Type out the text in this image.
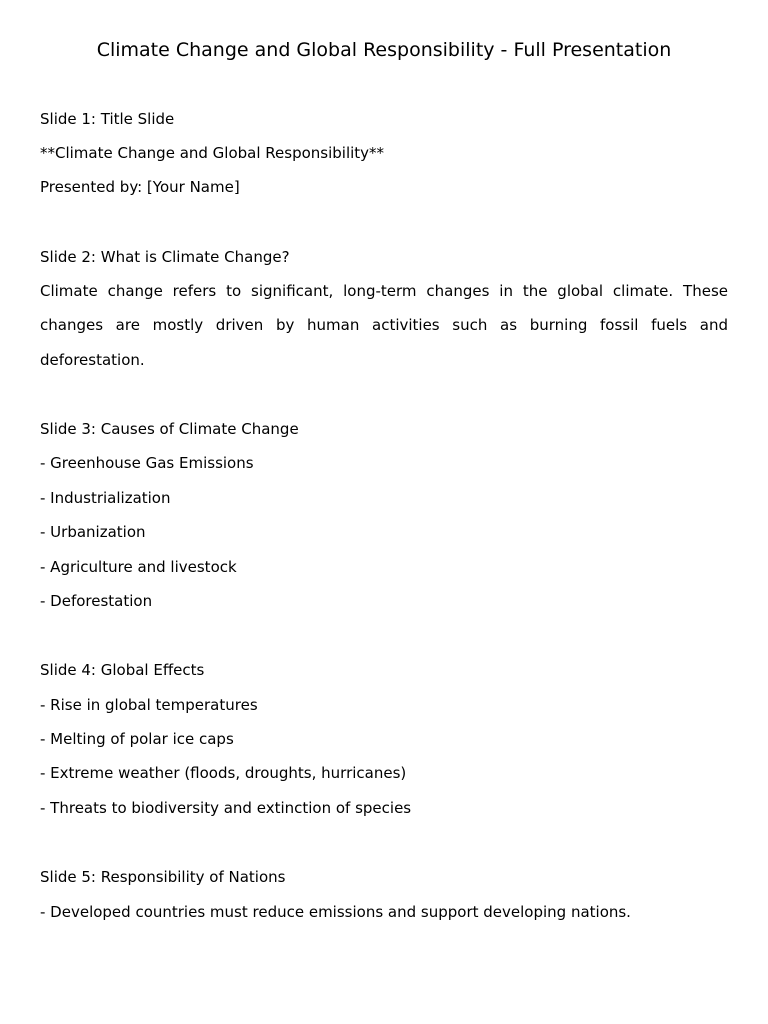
Climate Change and Global Responsibility - Full Presentation
Slide 1: Title Slide
**Climate Change and Global Responsibility**
Presented by: [Your Name]
Slide 2: What is Climate Change?
Climate change refers to significant, long-term changes in the global climate. These changes are mostly driven by human activities such as burning fossil fuels and deforestation.
Slide 3: Causes of Climate Change
- Greenhouse Gas Emissions
- Industrialization
- Urbanization
- Agriculture and livestock
- Deforestation
Slide 4: Global Effects
- Rise in global temperatures
- Melting of polar ice caps
- Extreme weather (floods, droughts, hurricanes)
- Threats to biodiversity and extinction of species
Slide 5: Responsibility of Nations
- Developed countries must reduce emissions and support developing nations.
